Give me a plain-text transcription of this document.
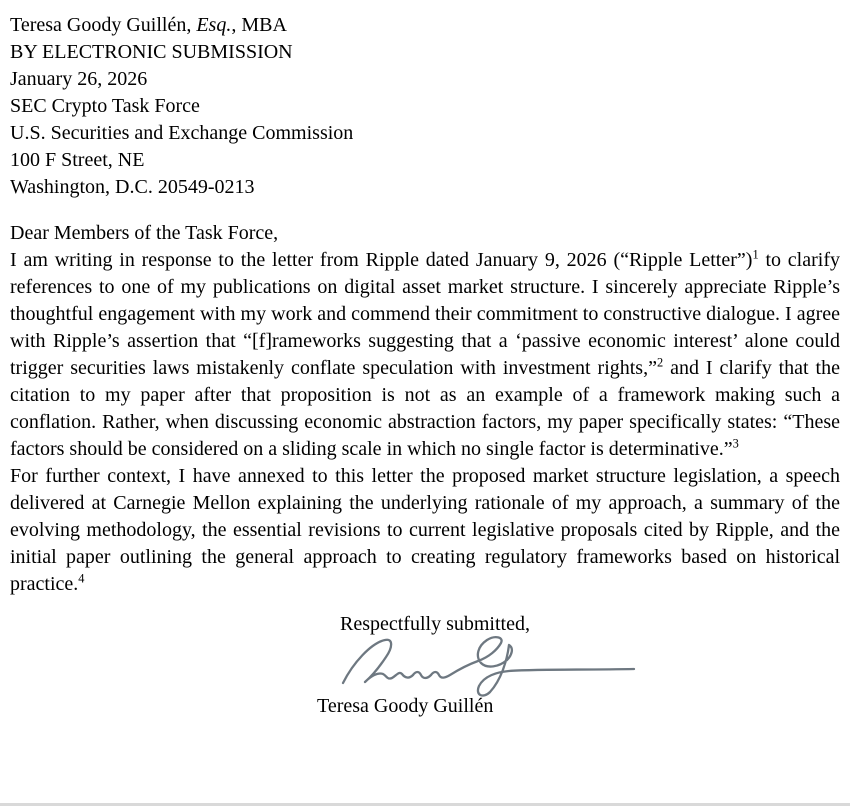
Teresa Goody Guillén, Esq., MBA

BY ELECTRONIC SUBMISSION

January 26, 2026

SEC Crypto Task Force

U.S. Securities and Exchange Commission

100 F Street, NE

Washington, D.C. 20549-0213

Dear Members of the Task Force,

I am writing in response to the letter from Ripple dated January 9, 2026 (“Ripple Letter”)$^1$ to clarify references to one of my publications on digital asset market structure. I sincerely appreciate Ripple’s thoughtful engagement with my work and commend their commitment to constructive dialogue. I agree with Ripple’s assertion that “[f]rameworks suggesting that a ‘passive economic interest’ alone could trigger securities laws mistakenly conflate speculation with investment rights,”$^2$ and I clarify that the citation to my paper after that proposition is not as an example of a framework making such a conflation. Rather, when discussing economic abstraction factors, my paper specifically states: “These factors should be considered on a sliding scale in which no single factor is determinative.”$^3$

For further context, I have annexed to this letter the proposed market structure legislation, a speech delivered at Carnegie Mellon explaining the underlying rationale of my approach, a summary of the evolving methodology, the essential revisions to current legislative proposals cited by Ripple, and the initial paper outlining the general approach to creating regulatory frameworks based on historical practice.$^4$

Respectfully submitted,

Teresa Goody Guillén
